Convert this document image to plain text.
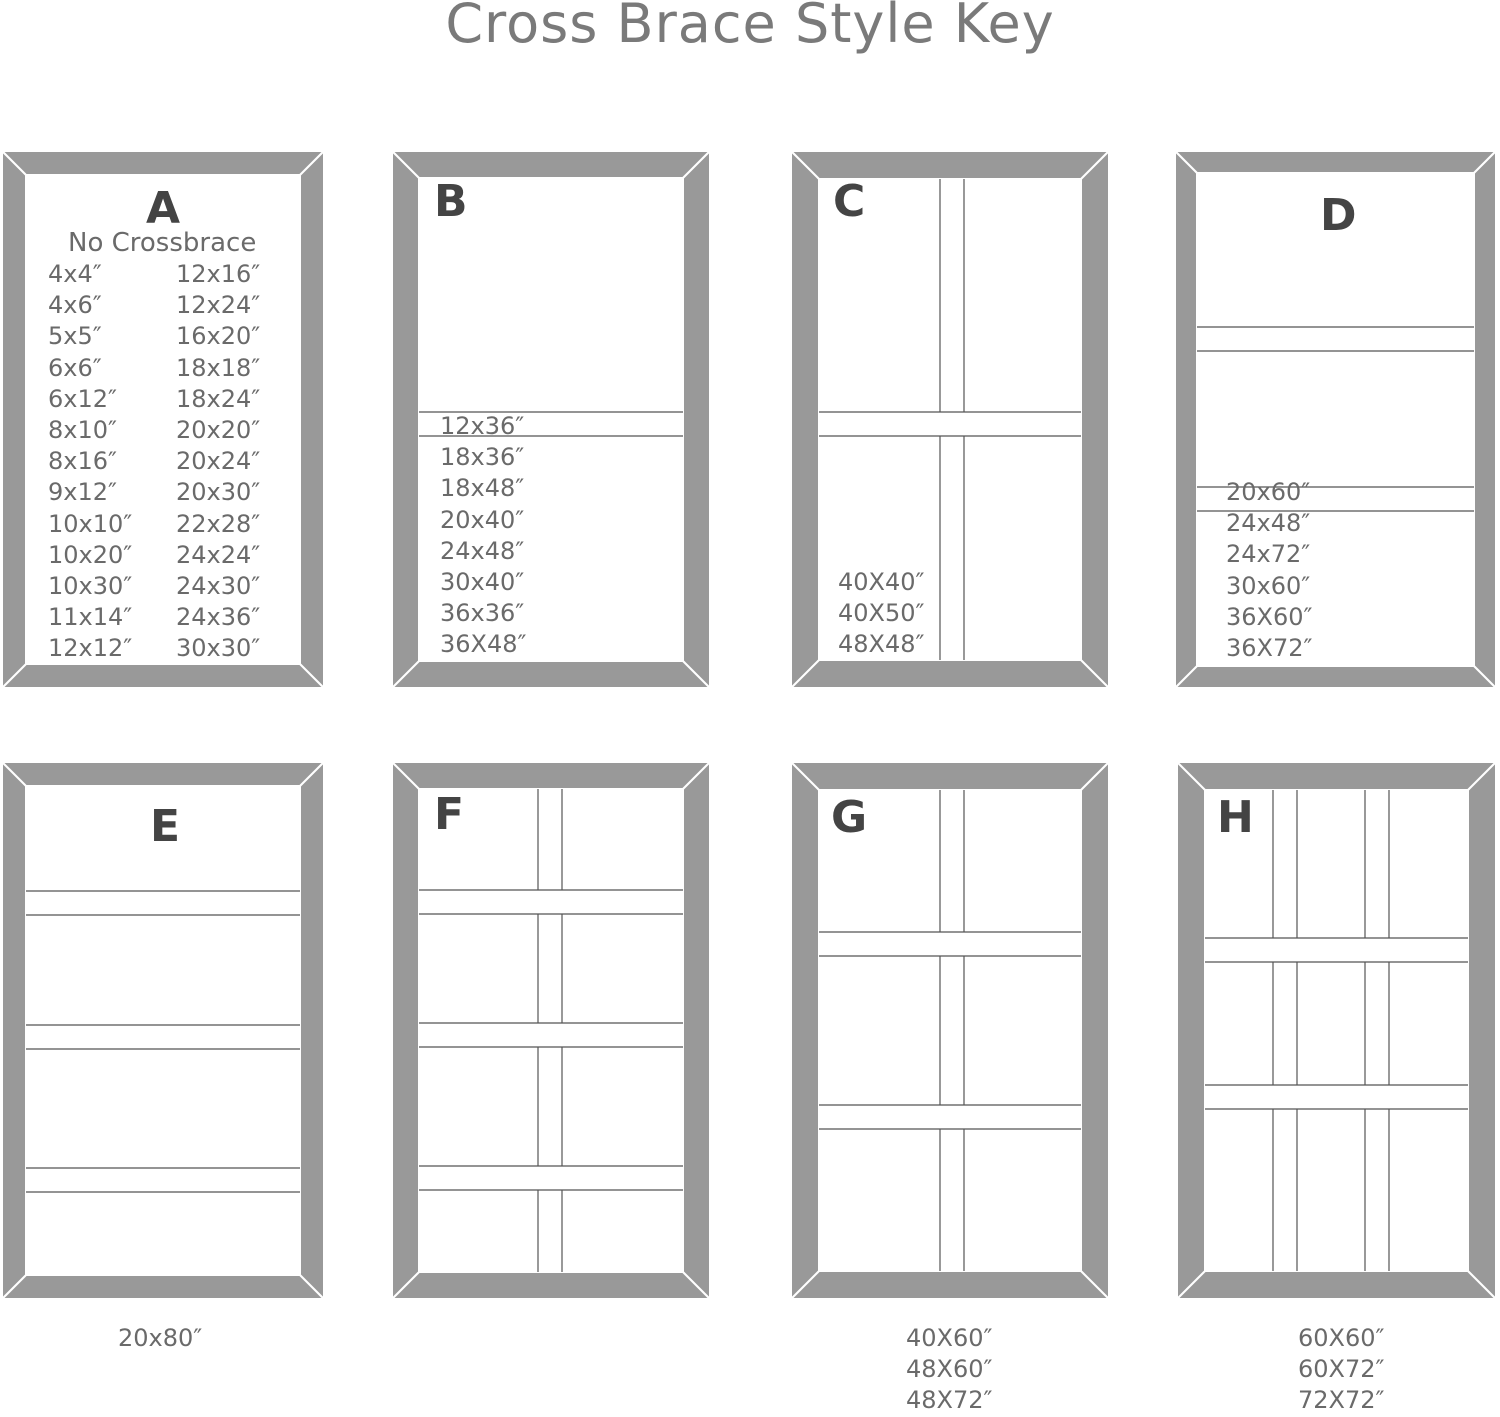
Cross Brace Style Key
A
No Crossbrace
4x4″
4x6″
5x5″
6x6″
6x12″
8x10″
8x16″
9x12″
10x10″
10x20″
10x30″
11x14″
12x12″
12x16″
12x24″
16x20″
18x18″
18x24″
20x20″
20x24″
20x30″
22x28″
24x24″
24x30″
24x36″
30x30″
B
12x36″
18x36″
18x48″
20x40″
24x48″
30x40″
36x36″
36X48″
C
40X40″
40X50″
48X48″
D
20x60″
24x48″
24x72″
30x60″
36X60″
36X72″
E
20x80″
F	G
40X60″
48X60″
48X72″
H
60X60″
60X72″
72X72″
